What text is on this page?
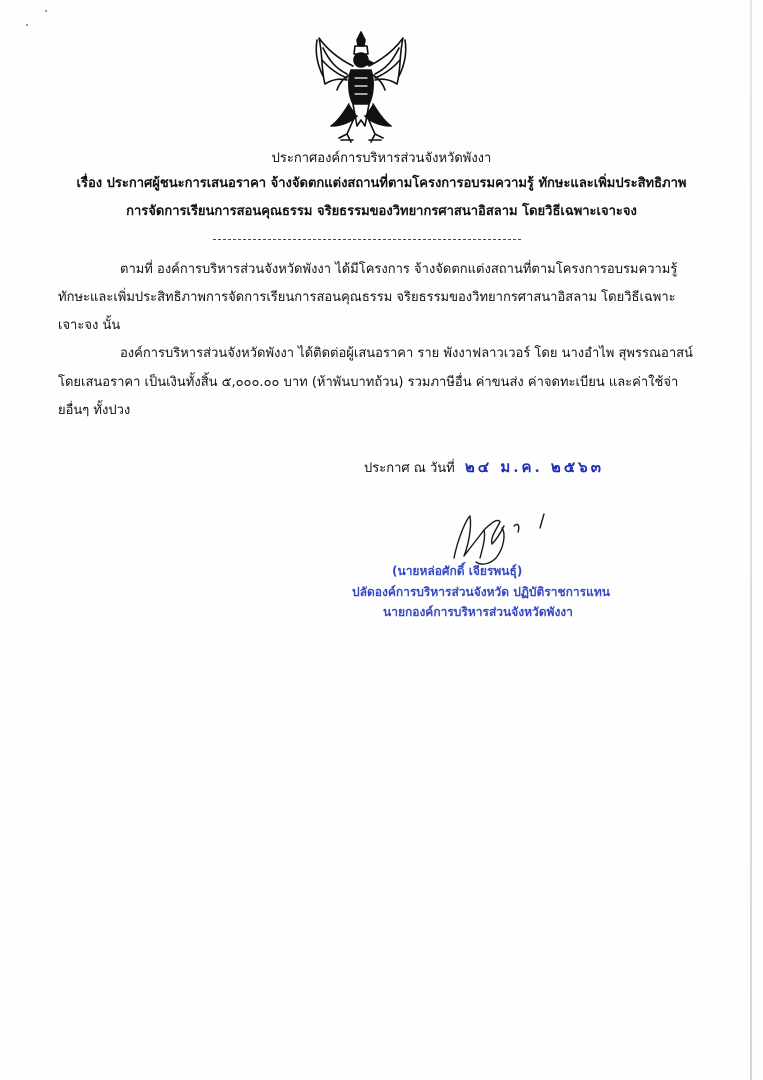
ประกาศองค์การบริหารส่วนจังหวัดพังงา
เรื่อง ประกาศผู้ชนะการเสนอราคา จ้างจัดตกแต่งสถานที่ตามโครงการอบรมความรู้ ทักษะและเพิ่มประสิทธิภาพ
การจัดการเรียนการสอนคุณธรรม จริยธรรมของวิทยากรศาสนาอิสลาม โดยวิธีเฉพาะเจาะจง
ตามที่ องค์การบริหารส่วนจังหวัดพังงา ได้มีโครงการ จ้างจัดตกแต่งสถานที่ตามโครงการอบรมความรู้
ทักษะและเพิ่มประสิทธิภาพการจัดการเรียนการสอนคุณธรรม จริยธรรมของวิทยากรศาสนาอิสลาม โดยวิธีเฉพาะ
เจาะจง นั้น
องค์การบริหารส่วนจังหวัดพังงา ได้ติดต่อผู้เสนอราคา ราย พังงาฟลาวเวอร์ โดย นางอำไพ สุพรรณอาสน์
โดยเสนอราคา เป็นเงินทั้งสิ้น ๕,๐๐๐.๐๐ บาท (ห้าพันบาทถ้วน) รวมภาษีอื่น ค่าขนส่ง ค่าจดทะเบียน และค่าใช้จ่า
ยอื่นๆ ทั้งปวง
ประกาศ ณ วันที่ ๒๔ ม.ค. ๒๕๖๓
(นายหล่อศักดิ์ เจียรพนธุ์)
ปลัดองค์การบริหารส่วนจังหวัด ปฏิบัติราชการแทน
นายกองค์การบริหารส่วนจังหวัดพังงา
